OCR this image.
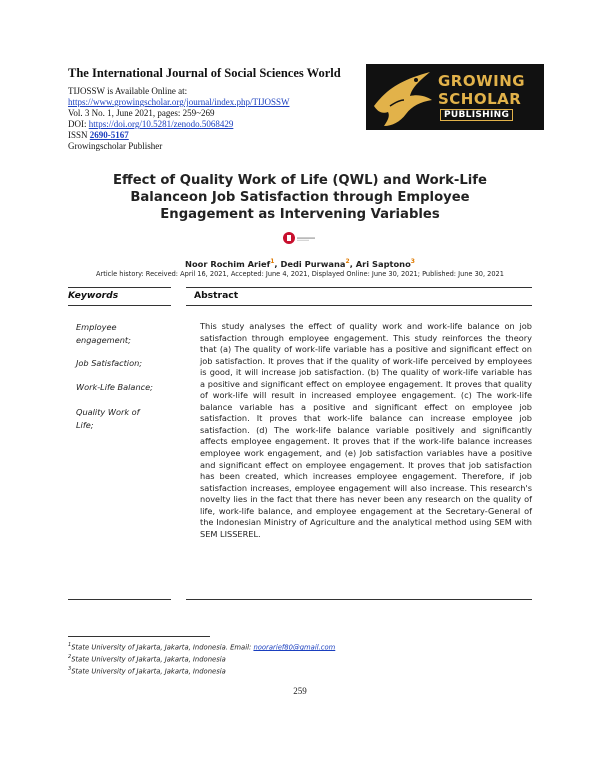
The International Journal of Social Sciences World
TIJOSSW is Available Online at:
https://www.growingscholar.org/journal/index.php/TIJOSSW
Vol. 3 No. 1, June 2021, pages: 259~269
DOI: https://doi.org/10.5281/zenodo.5068429
ISSN 2690-5167
Growingscholar Publisher
GROWING
SCHOLAR
PUBLISHING
Effect of Quality Work of Life (QWL) and Work-Life
Balanceon Job Satisfaction through Employee
Engagement as Intervening Variables
Noor Rochim Arief$^1$, Dedi Purwana$^2$, Ari Saptono$^3$
Article history: Received: April 16, 2021, Accepted: June 4, 2021, Displayed Online: June 30, 2021; Published: June 30, 2021
Keywords	Abstract
Employee
engagement;
Job Satisfaction;
Work-Life Balance;
Quality Work of
Life;
This study analyses the effect of quality work and work-life balance on job satisfaction through employee engagement. This study reinforces the theory that (a) The quality of work-life variable has a positive and significant effect on job satisfaction. It proves that if the quality of work-life perceived by employees is good, it will increase job satisfaction. (b) The quality of work-life variable has a positive and significant effect on employee engagement. It proves that quality of work-life will result in increased employee engagement. (c) The work-life balance variable has a positive and significant effect on employee job satisfaction. It proves that work-life balance can increase employee job satisfaction. (d) The work-life balance variable positively and significantly affects employee engagement. It proves that if the work-life balance increases employee work engagement, and (e) Job satisfaction variables have a positive and significant effect on employee engagement. It proves that job satisfaction has been created, which increases employee engagement. Therefore, if job satisfaction increases, employee engagement will also increase. This research's novelty lies in the fact that there has never been any research on the quality of life, work-life balance, and employee engagement at the Secretary-General of the Indonesian Ministry of Agriculture and the analytical method using SEM with SEM LISSEREL.
$^1$State University of Jakarta, Jakarta, Indonesia. Email: noorarief80@gmail.com
$^2$State University of Jakarta, Jakarta, Indonesia
$^3$State University of Jakarta, Jakarta, Indonesia
259
